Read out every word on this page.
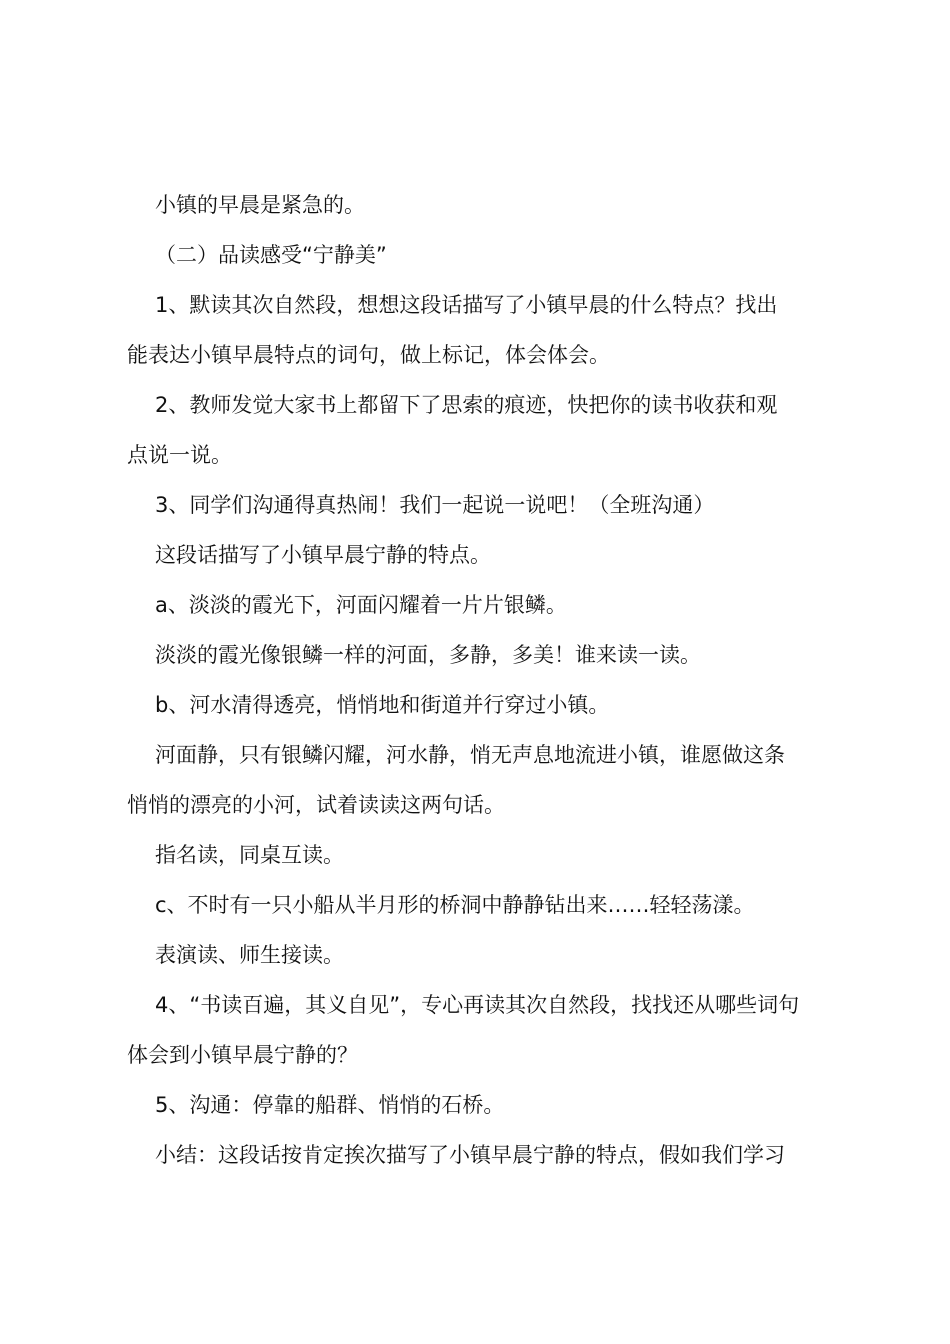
小镇的早晨是紧急的。
（二）品读感受“宁静美”
1、默读其次自然段，想想这段话描写了小镇早晨的什么特点？找出
能表达小镇早晨特点的词句，做上标记，体会体会。
2、教师发觉大家书上都留下了思索的痕迹，快把你的读书收获和观
点说一说。
3、同学们沟通得真热闹！我们一起说一说吧！（全班沟通）
这段话描写了小镇早晨宁静的特点。
a、淡淡的霞光下，河面闪耀着一片片银鳞。
淡淡的霞光像银鳞一样的河面，多静，多美！谁来读一读。
b、河水清得透亮，悄悄地和街道并行穿过小镇。
河面静，只有银鳞闪耀，河水静，悄无声息地流进小镇，谁愿做这条
悄悄的漂亮的小河，试着读读这两句话。
指名读，同桌互读。
c、不时有一只小船从半月形的桥洞中静静钻出来……轻轻荡漾。
表演读、师生接读。
4、“书读百遍，其义自见”，专心再读其次自然段，找找还从哪些词句
体会到小镇早晨宁静的？
5、沟通：停靠的船群、悄悄的石桥。
小结：这段话按肯定挨次描写了小镇早晨宁静的特点，假如我们学习
